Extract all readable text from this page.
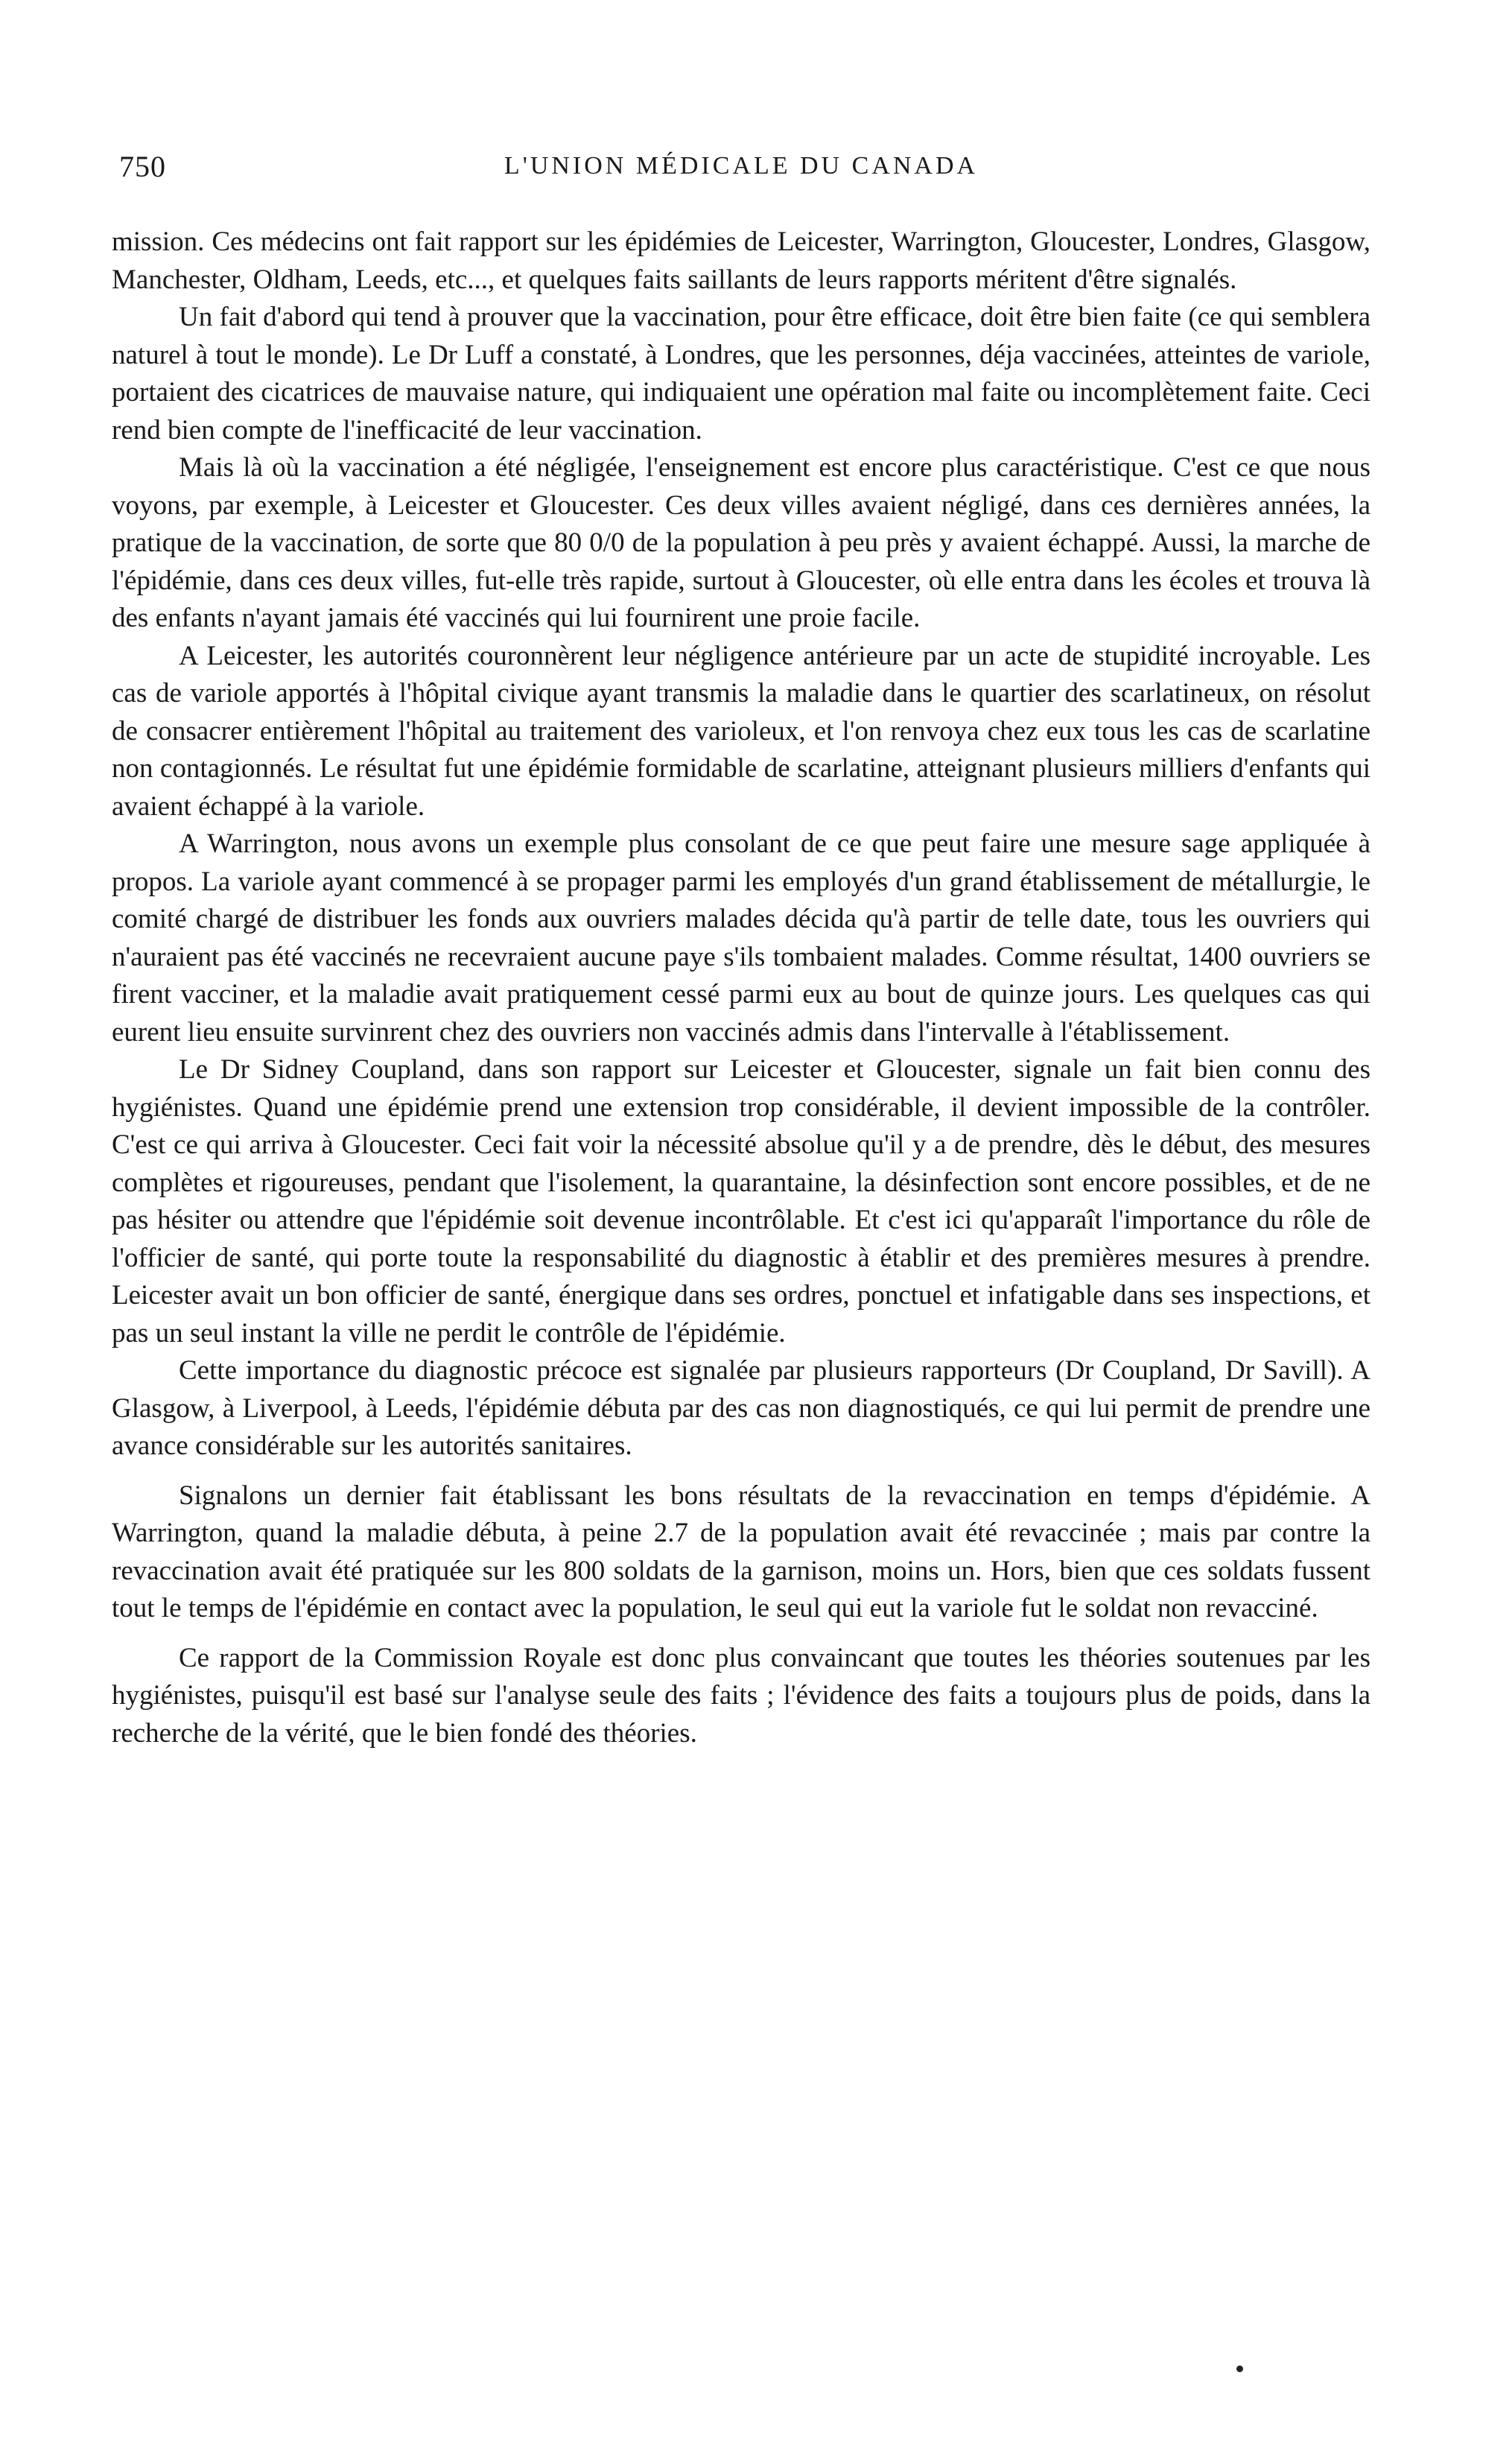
750	L'UNION MÉDICALE DU CANADA

mission. Ces médecins ont fait rapport sur les épidémies de Leicester, Warrington, Gloucester, Londres, Glasgow, Manchester, Oldham, Leeds, etc..., et quelques faits saillants de leurs rapports méritent d'être signalés.

Un fait d'abord qui tend à prouver que la vaccination, pour être efficace, doit être bien faite (ce qui semblera naturel à tout le monde). Le Dr Luff a constaté, à Londres, que les personnes, déja vaccinées, atteintes de variole, portaient des cicatrices de mauvaise nature, qui indiquaient une opération mal faite ou incomplètement faite. Ceci rend bien compte de l'inefficacité de leur vaccination.

Mais là où la vaccination a été négligée, l'enseignement est encore plus caractéristique. C'est ce que nous voyons, par exemple, à Leicester et Gloucester. Ces deux villes avaient négligé, dans ces dernières années, la pratique de la vaccination, de sorte que 80 0/0 de la population à peu près y avaient échappé. Aussi, la marche de l'épidémie, dans ces deux villes, fut-elle très rapide, surtout à Gloucester, où elle entra dans les écoles et trouva là des enfants n'ayant jamais été vaccinés qui lui fournirent une proie facile.

A Leicester, les autorités couronnèrent leur négligence antérieure par un acte de stupidité incroyable. Les cas de variole apportés à l'hôpital civique ayant transmis la maladie dans le quartier des scarlatineux, on résolut de consacrer entièrement l'hôpital au traitement des varioleux, et l'on renvoya chez eux tous les cas de scarlatine non contagionnés. Le résultat fut une épidémie formidable de scarlatine, atteignant plusieurs milliers d'enfants qui avaient échappé à la variole.

A Warrington, nous avons un exemple plus consolant de ce que peut faire une mesure sage appliquée à propos. La variole ayant commencé à se propager parmi les employés d'un grand établissement de métallurgie, le comité chargé de distribuer les fonds aux ouvriers malades décida qu'à partir de telle date, tous les ouvriers qui n'auraient pas été vaccinés ne recevraient aucune paye s'ils tombaient malades. Comme résultat, 1400 ouvriers se firent vacciner, et la maladie avait pratiquement cessé parmi eux au bout de quinze jours. Les quelques cas qui eurent lieu ensuite survinrent chez des ouvriers non vaccinés admis dans l'intervalle à l'établissement.

Le Dr Sidney Coupland, dans son rapport sur Leicester et Gloucester, signale un fait bien connu des hygiénistes. Quand une épidémie prend une extension trop considérable, il devient impossible de la contrôler. C'est ce qui arriva à Gloucester. Ceci fait voir la nécessité absolue qu'il y a de prendre, dès le début, des mesures complètes et rigoureuses, pendant que l'isolement, la quarantaine, la désinfection sont encore possibles, et de ne pas hésiter ou attendre que l'épidémie soit devenue incontrôlable. Et c'est ici qu'apparaît l'importance du rôle de l'officier de santé, qui porte toute la responsabilité du diagnostic à établir et des premières mesures à prendre. Leicester avait un bon officier de santé, énergique dans ses ordres, ponctuel et infatigable dans ses inspections, et pas un seul instant la ville ne perdit le contrôle de l'épidémie.

Cette importance du diagnostic précoce est signalée par plusieurs rapporteurs (Dr Coupland, Dr Savill). A Glasgow, à Liverpool, à Leeds, l'épidémie débuta par des cas non diagnostiqués, ce qui lui permit de prendre une avance considérable sur les autorités sanitaires.

Signalons un dernier fait établissant les bons résultats de la revaccination en temps d'épidémie. A Warrington, quand la maladie débuta, à peine 2.7 de la population avait été revaccinée ; mais par contre la revaccination avait été pratiquée sur les 800 soldats de la garnison, moins un. Hors, bien que ces soldats fussent tout le temps de l'épidémie en contact avec la population, le seul qui eut la variole fut le soldat non revacciné.

Ce rapport de la Commission Royale est donc plus convaincant que toutes les théories soutenues par les hygiénistes, puisqu'il est basé sur l'analyse seule des faits ; l'évidence des faits a toujours plus de poids, dans la recherche de la vérité, que le bien fondé des théories.
